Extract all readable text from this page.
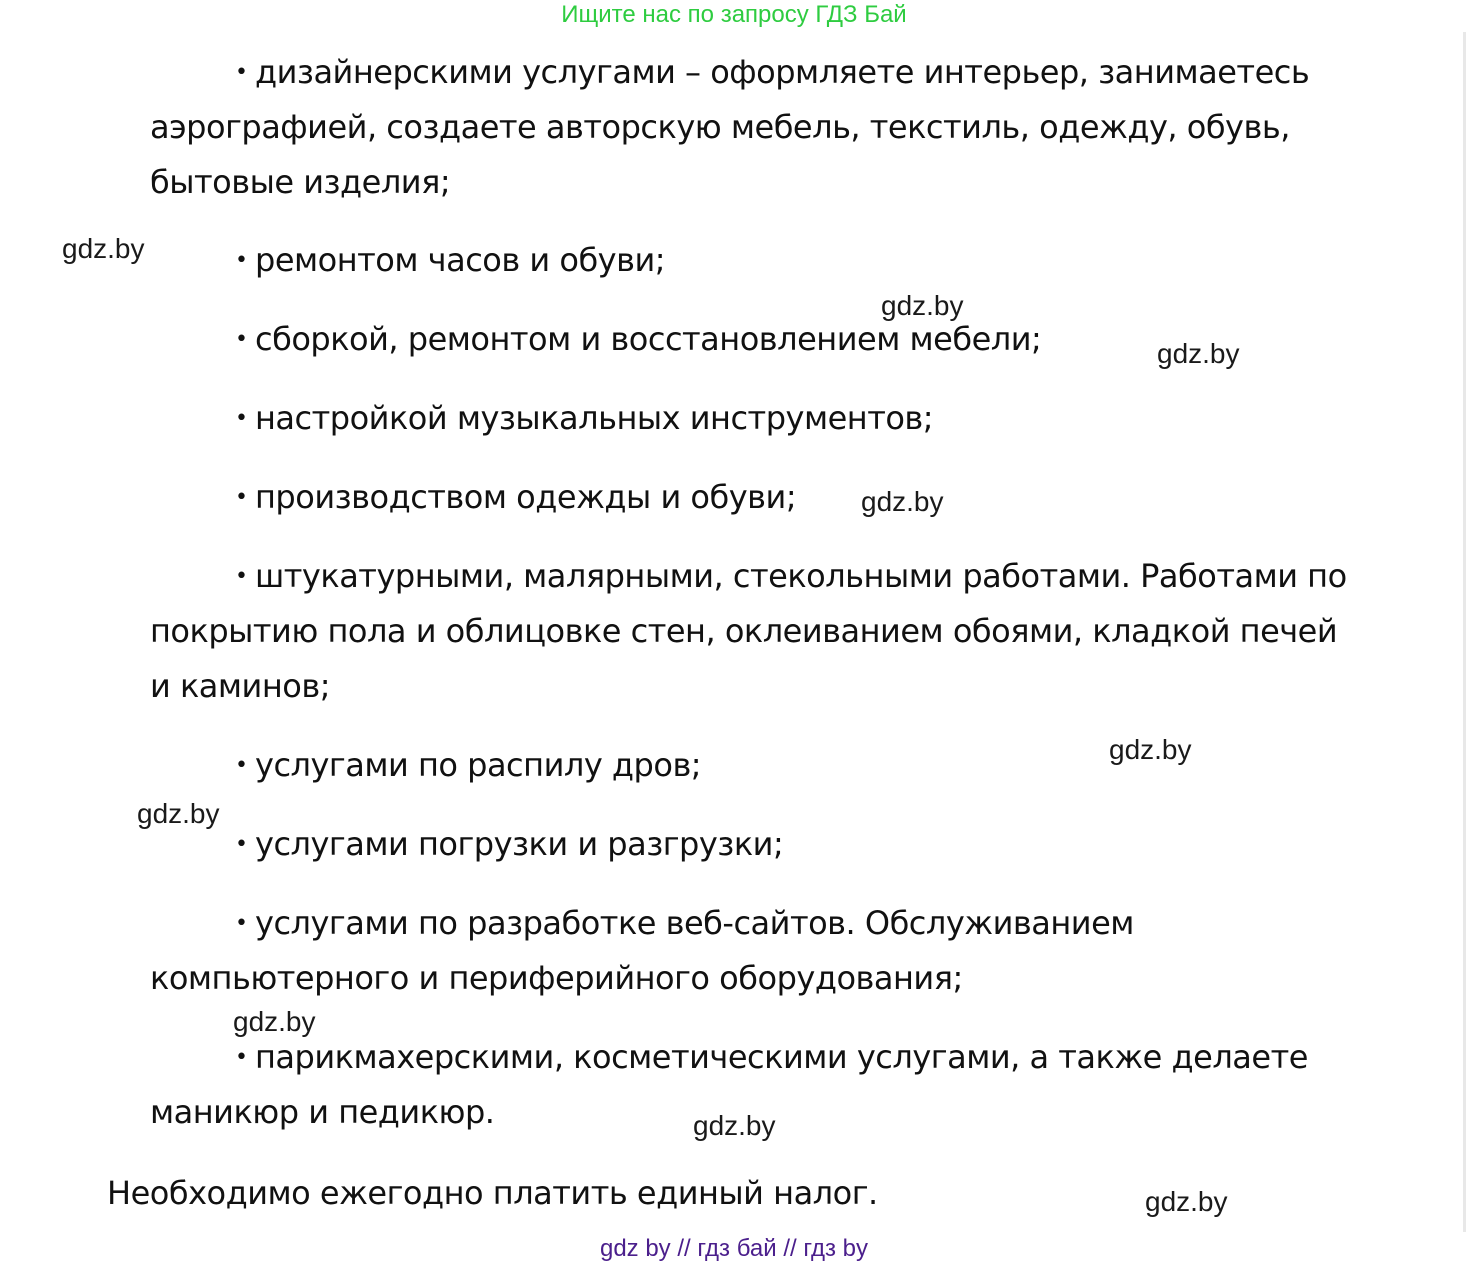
Ищите нас по запросу ГДЗ Бай
• дизайнерскими услугами – оформляете интерьер, занимаетесь
аэрографией, создаете авторскую мебель, текстиль, одежду, обувь,
бытовые изделия;
• ремонтом часов и обуви;
• сборкой, ремонтом и восстановлением мебели;
• настройкой музыкальных инструментов;
• производством одежды и обуви;
• штукатурными, малярными, стекольными работами. Работами по
покрытию пола и облицовке стен, оклеиванием обоями, кладкой печей
и каминов;
• услугами по распилу дров;
• услугами погрузки и разгрузки;
• услугами по разработке веб-сайтов. Обслуживанием
компьютерного и периферийного оборудования;
• парикмахерскими, косметическими услугами, а также делаете
маникюр и педикюр.
Необходимо ежегодно платить единый налог.
gdz.by
gdz.by
gdz.by
gdz.by
gdz.by
gdz.by
gdz.by
gdz.by
gdz.by
gdz by // гдз бай // гдз by
